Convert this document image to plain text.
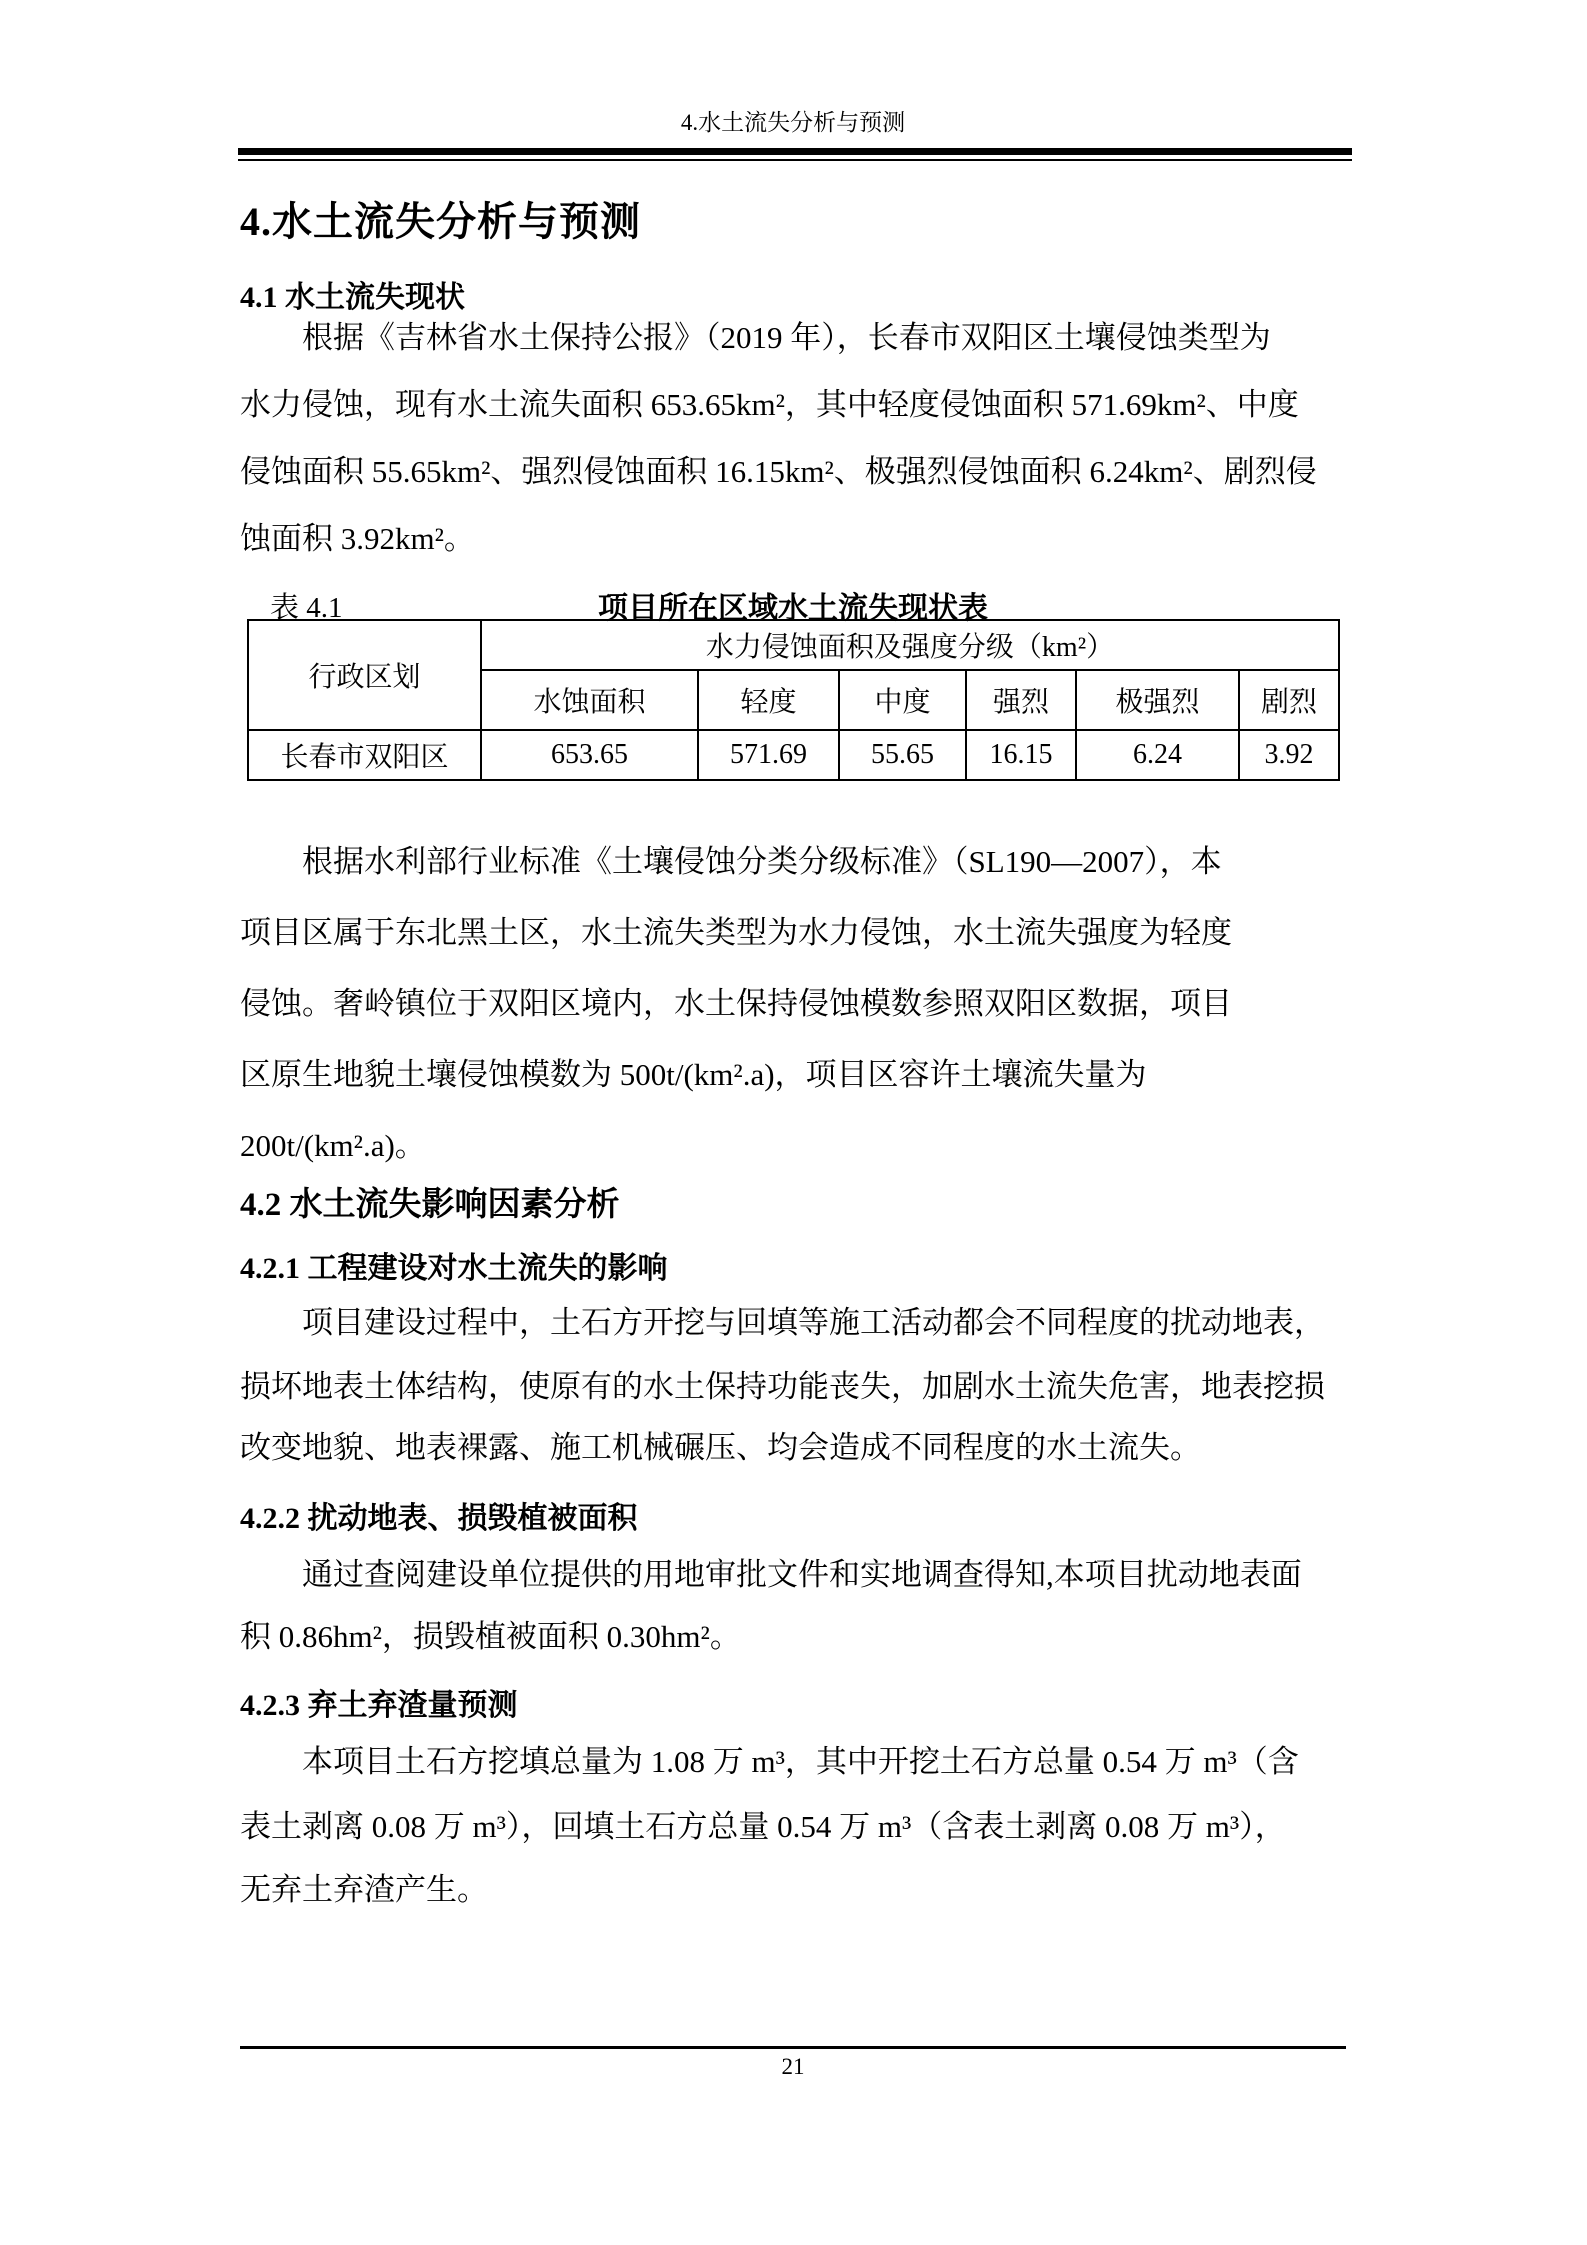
4.水土流失分析与预测
4.水土流失分析与预测
4.1 水土流失现状
根据《吉林省水土保持公报》（2019 年），长春市双阳区土壤侵蚀类型为
水力侵蚀，现有水土流失面积 653.65km²，其中轻度侵蚀面积 571.69km²、中度
侵蚀面积 55.65km²、强烈侵蚀面积 16.15km²、极强烈侵蚀面积 6.24km²、剧烈侵
蚀面积 3.92km²。
表 4.1	项目所在区域水土流失现状表
行政区划	水力侵蚀面积及强度分级（km²）					
	水蚀面积	轻度	中度	强烈	极强烈	剧烈
长春市双阳区	653.65	571.69	55.65	16.15	6.24	3.92
根据水利部行业标准《土壤侵蚀分类分级标准》（SL190—2007），本
项目区属于东北黑土区，水土流失类型为水力侵蚀，水土流失强度为轻度
侵蚀。奢岭镇位于双阳区境内，水土保持侵蚀模数参照双阳区数据，项目
区原生地貌土壤侵蚀模数为 500t/(km².a)，项目区容许土壤流失量为
200t/(km².a)。
4.2 水土流失影响因素分析
4.2.1 工程建设对水土流失的影响
项目建设过程中，土石方开挖与回填等施工活动都会不同程度的扰动地表，
损坏地表土体结构，使原有的水土保持功能丧失，加剧水土流失危害，地表挖损
改变地貌、地表裸露、施工机械碾压、均会造成不同程度的水土流失。
4.2.2 扰动地表、损毁植被面积
通过查阅建设单位提供的用地审批文件和实地调查得知,本项目扰动地表面
积 0.86hm²，损毁植被面积 0.30hm²。
4.2.3 弃土弃渣量预测
本项目土石方挖填总量为 1.08 万 m³，其中开挖土石方总量 0.54 万 m³（含
表土剥离 0.08 万 m³），回填土石方总量 0.54 万 m³（含表土剥离 0.08 万 m³），
无弃土弃渣产生。
21
